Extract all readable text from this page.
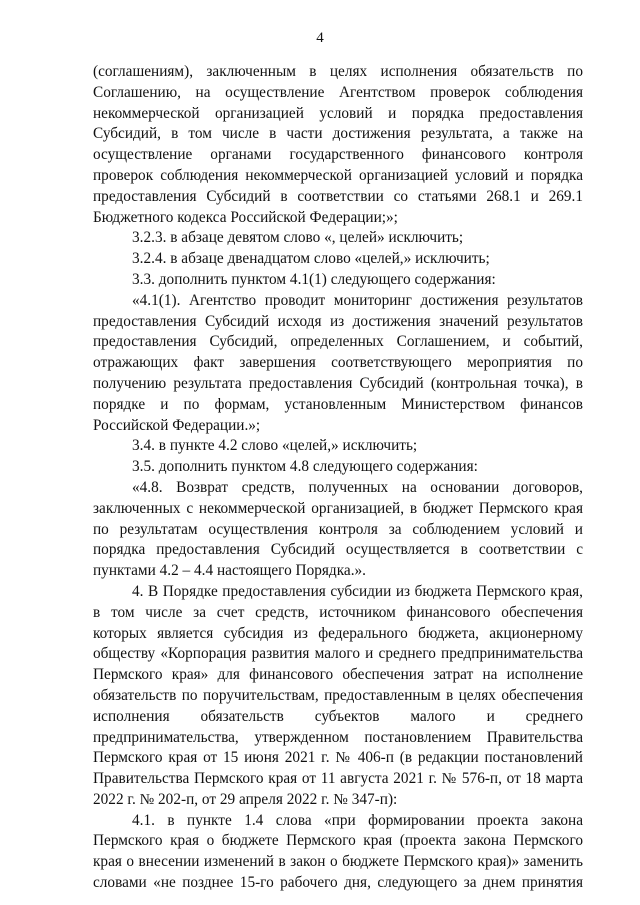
4

(соглашениям), заключенным в целях исполнения обязательств по Соглашению, на осуществление Агентством проверок соблюдения некоммерческой организацией условий и порядка предоставления Субсидий, в том числе в части достижения результата, а также на осуществление органами государственного финансового контроля проверок соблюдения некоммерческой организацией условий и порядка предоставления Субсидий в соответствии со статьями 268.1 и 269.1 Бюджетного кодекса Российской Федерации;»;

3.2.3. в абзаце девятом слово «, целей» исключить;

3.2.4. в абзаце двенадцатом слово «целей,» исключить;

3.3. дополнить пунктом 4.1(1) следующего содержания:

«4.1(1). Агентство проводит мониторинг достижения результатов предоставления Субсидий исходя из достижения значений результатов предоставления Субсидий, определенных Соглашением, и событий, отражающих факт завершения соответствующего мероприятия по получению результата предоставления Субсидий (контрольная точка), в порядке и по формам, установленным Министерством финансов Российской Федерации.»;

3.4. в пункте 4.2 слово «целей,» исключить;

3.5. дополнить пунктом 4.8 следующего содержания:

«4.8. Возврат средств, полученных на основании договоров, заключенных с некоммерческой организацией, в бюджет Пермского края по результатам осуществления контроля за соблюдением условий и порядка предоставления Субсидий осуществляется в соответствии с пунктами 4.2 – 4.4 настоящего Порядка.».

4. В Порядке предоставления субсидии из бюджета Пермского края, в том числе за счет средств, источником финансового обеспечения которых является субсидия из федерального бюджета, акционерному обществу «Корпорация развития малого и среднего предпринимательства Пермского края» для финансового обеспечения затрат на исполнение обязательств по поручительствам, предоставленным в целях обеспечения исполнения обязательств субъектов малого и среднего предпринимательства, утвержденном постановлением Правительства Пермского края от 15 июня 2021 г. № 406-п (в редакции постановлений Правительства Пермского края от 11 августа 2021 г. № 576-п, от 18 марта 2022 г. № 202-п, от 29 апреля 2022 г. № 347-п):

4.1. в пункте 1.4 слова «при формировании проекта закона Пермского края о бюджете Пермского края (проекта закона Пермского края о внесении изменений в закон о бюджете Пермского края)» заменить словами «не позднее 15-го рабочего дня, следующего за днем принятия
